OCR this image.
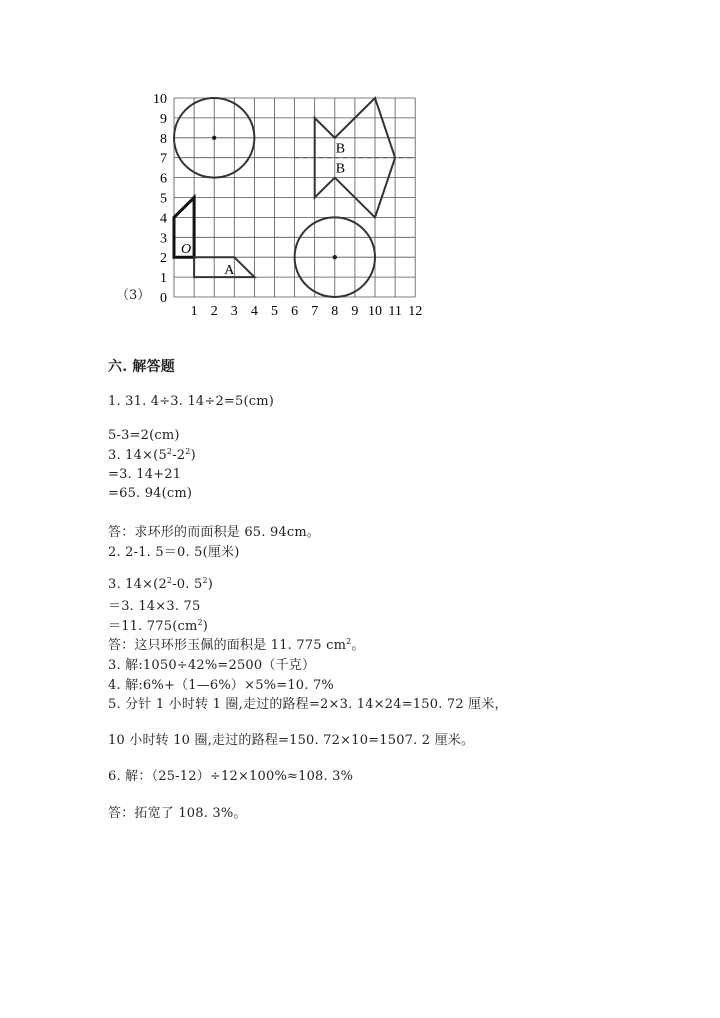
1 2 3 4 5 6 7 8 9 10 11 12
0
1
2
3
4
5
6
7
8
9
10
O
A
B
B
（3）
六. 解答题
1. 31. 4÷3. 14÷2=5(cm)
5-3=2(cm)
3. $14\times(5^2-2^2)$
=3. 14+21
=65. 94(cm)
答：求环形的而面积是 65. 94cm。
2. 2-1. 5＝0. 5(厘米)
3. $14\times(2^2-0$. $5^2$)
＝3. 14×3. 75
＝11. $775(cm^2)$
答：这只环形玉佩的面积是 11. 775 $cm^2$。
3. 解:1050÷42%=2500（千克）
4. 解:6%+（1—6%）×5%=10. 7%
5. 分针 1 小时转 1 圈,走过的路程=2×3. 14×24=150. 72 厘米，
10 小时转 10 圈,走过的路程=150. 72×10=1507. 2 厘米。
6. 解：（25-12）÷12×100%≈108. 3%
答：拓宽了 108. 3%。
